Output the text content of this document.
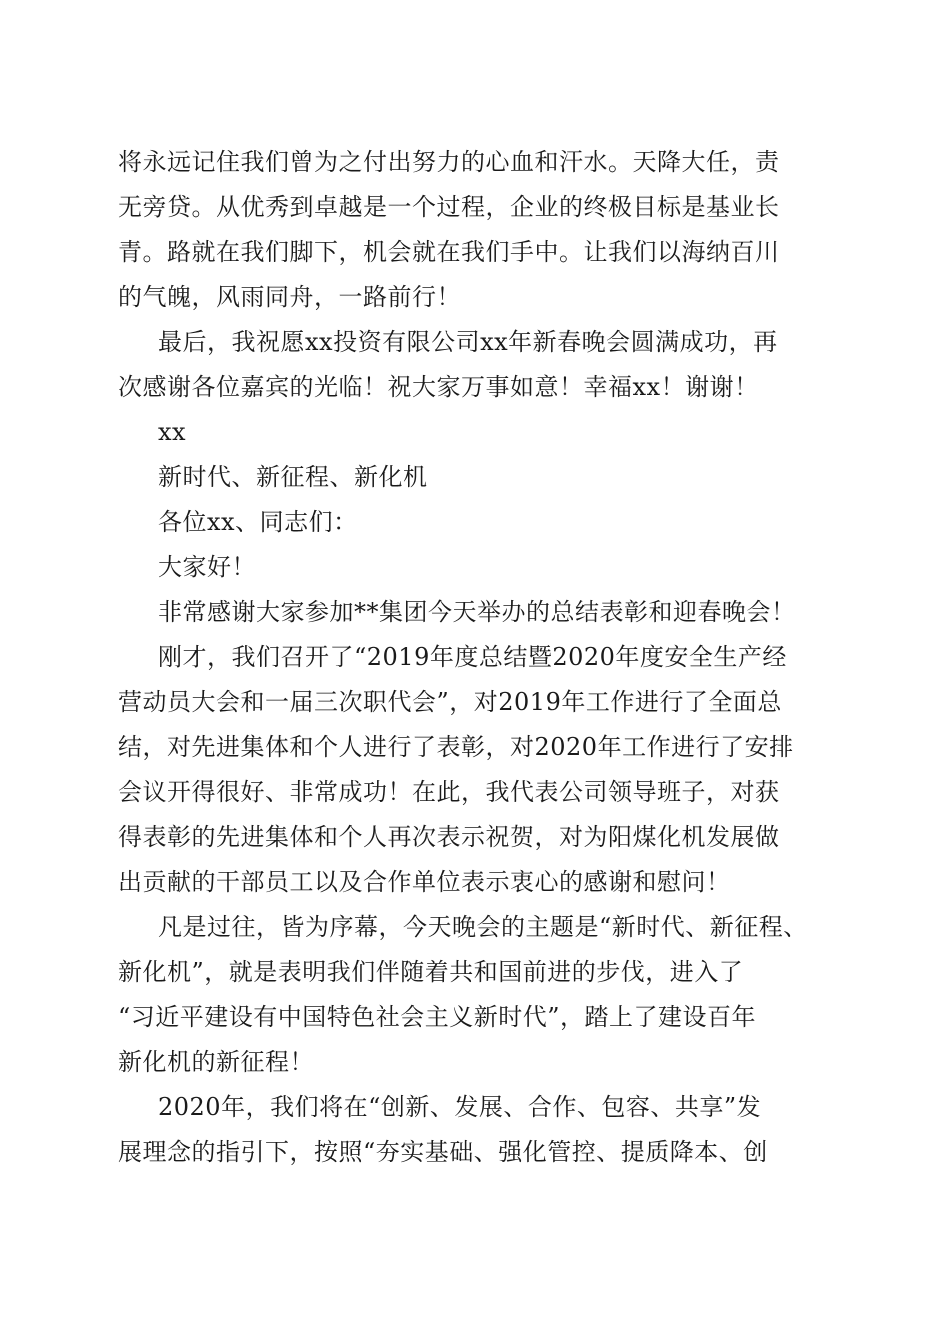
将永远记住我们曾为之付出努力的心血和汗水。天降大任，责
无旁贷。从优秀到卓越是一个过程，企业的终极目标是基业长
青。路就在我们脚下，机会就在我们手中。让我们以海纳百川
的气魄，风雨同舟，一路前行！
最后，我祝愿xx投资有限公司xx年新春晚会圆满成功，再
次感谢各位嘉宾的光临！祝大家万事如意！幸福xx！谢谢！
xx
新时代、新征程、新化机
各位xx、同志们：
大家好！
非常感谢大家参加**集团今天举办的总结表彰和迎春晚会！
刚才，我们召开了“2019年度总结暨2020年度安全生产经
营动员大会和一届三次职代会”，对2019年工作进行了全面总
结，对先进集体和个人进行了表彰，对2020年工作进行了安排
会议开得很好、非常成功！在此，我代表公司领导班子，对获
得表彰的先进集体和个人再次表示祝贺，对为阳煤化机发展做
出贡献的干部员工以及合作单位表示衷心的感谢和慰问！
凡是过往，皆为序幕，今天晚会的主题是“新时代、新征程、
新化机”，就是表明我们伴随着共和国前进的步伐，进入了
“习近平建设有中国特色社会主义新时代”，踏上了建设百年
新化机的新征程！
2020年，我们将在“创新、发展、合作、包容、共享”发
展理念的指引下，按照“夯实基础、强化管控、提质降本、创
